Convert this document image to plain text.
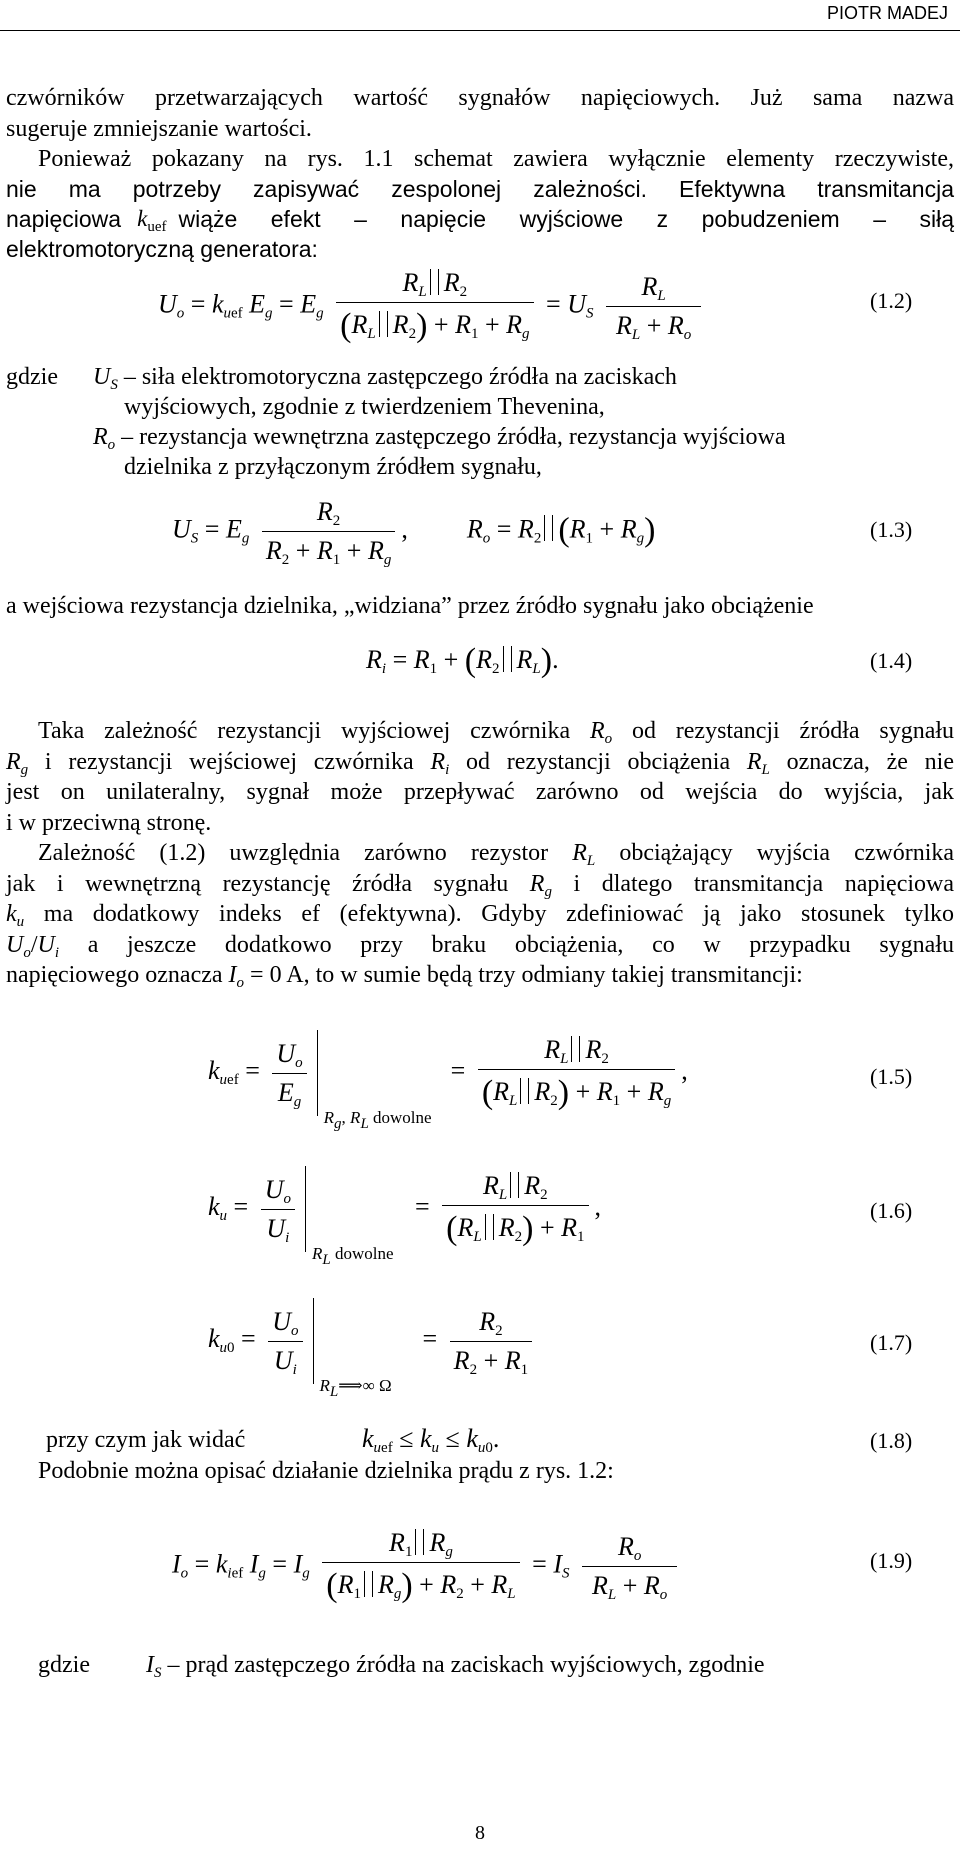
PIOTR MADEJ
czwórników przetwarzających wartość sygnałów napięciowych. Już sama nazwa
sugeruje zmniejszanie wartości.
Ponieważ pokazany na rys. 1.1 schemat zawiera wyłącznie elementy rzeczywiste,
nie ma potrzeby zapisywać zespolonej zależności. Efektywna transmitancja
napięciowa $k_{uef}$ wiąże efekt – napięcie wyjściowe z pobudzeniem – siłą
elektromotoryczną generatora:
$U_o = k_{uef}$ $E_g = E_g \frac{R_L R_2}{(R_L R_2) + R_1 + R_g} = U_S \frac{R_L}{R_L + R_o}$	(1.2)
gdzie $U_S$ – siła elektromotoryczna zastępczego źródła na zaciskach
wyjściowych, zgodnie z twierdzeniem Thevenina,
$R_o$ – rezystancja wewnętrzna zastępczego źródła, rezystancja wyjściowa
dzielnika z przyłączonym źródłem sygnału,
$U_S = E_g \frac{R_2}{R_2 + R_1 + R_g}$ ,  $R_o = R_2$ $(R_1 + R_g)$	(1.3)
a wejściowa rezystancja dzielnika, „widziana” przez źródło sygnału jako obciążenie
$R_i = R_1 + (R_2$ $R_L$).	(1.4)
Taka zależność rezystancji wyjściowej czwórnika $R_o$ od rezystancji źródła sygnału
$R_g$ i rezystancji wejściowej czwórnika $R_i$ od rezystancji obciążenia $R_L$ oznacza, że nie
jest on unilateralny, sygnał może przepływać zarówno od wejścia do wyjścia, jak
i w przeciwną stronę.
Zależność (1.2) uwzględnia zarówno rezystor $R_L$ obciążający wyjścia czwórnika
jak i wewnętrzną rezystancję źródła sygnału $R_g$ i dlatego transmitancja napięciowa
$k_u$ ma dodatkowy indeks ef (efektywna). Gdyby zdefiniować ją jako stosunek tylko
$U_o/U_i$ a jeszcze dodatkowo przy braku obciążenia, co w przypadku sygnału
napięciowego oznacza $I_o = 0$ A, to w sumie będą trzy odmiany takiej transmitancji:
$k_{uef} = \frac{U_o}{E_g}$
$R_g$, $R_L$ dowolne
= $\frac{R_L R_2}{(R_L R_2) + R_1 + R_g}$ ,	(1.5)
$k_u = \frac{U_o}{U_i}$
$R_L$ dowolne
= $\frac{R_L R_2}{(R_L R_2) + R_1}$ ,	(1.6)
$k_{u0} = \frac{U_o}{U_i}$
$R_L⟹\infty$ Ω
= $\frac{R_2}{R_2 + R_1}$	(1.7)
przy czym jak widać	$k_{uef} \le k_u \le k_{u0}$.	(1.8)
Podobnie można opisać działanie dzielnika prądu z rys. 1.2:
$I_o = k_{ief}$ $I_g = I_g \frac{R_1 R_g}{(R_1 R_g) + R_2 + R_L} = I_S \frac{R_o}{R_L + R_o}$	(1.9)
gdzie $I_S$ – prąd zastępczego źródła na zaciskach wyjściowych, zgodnie
8
